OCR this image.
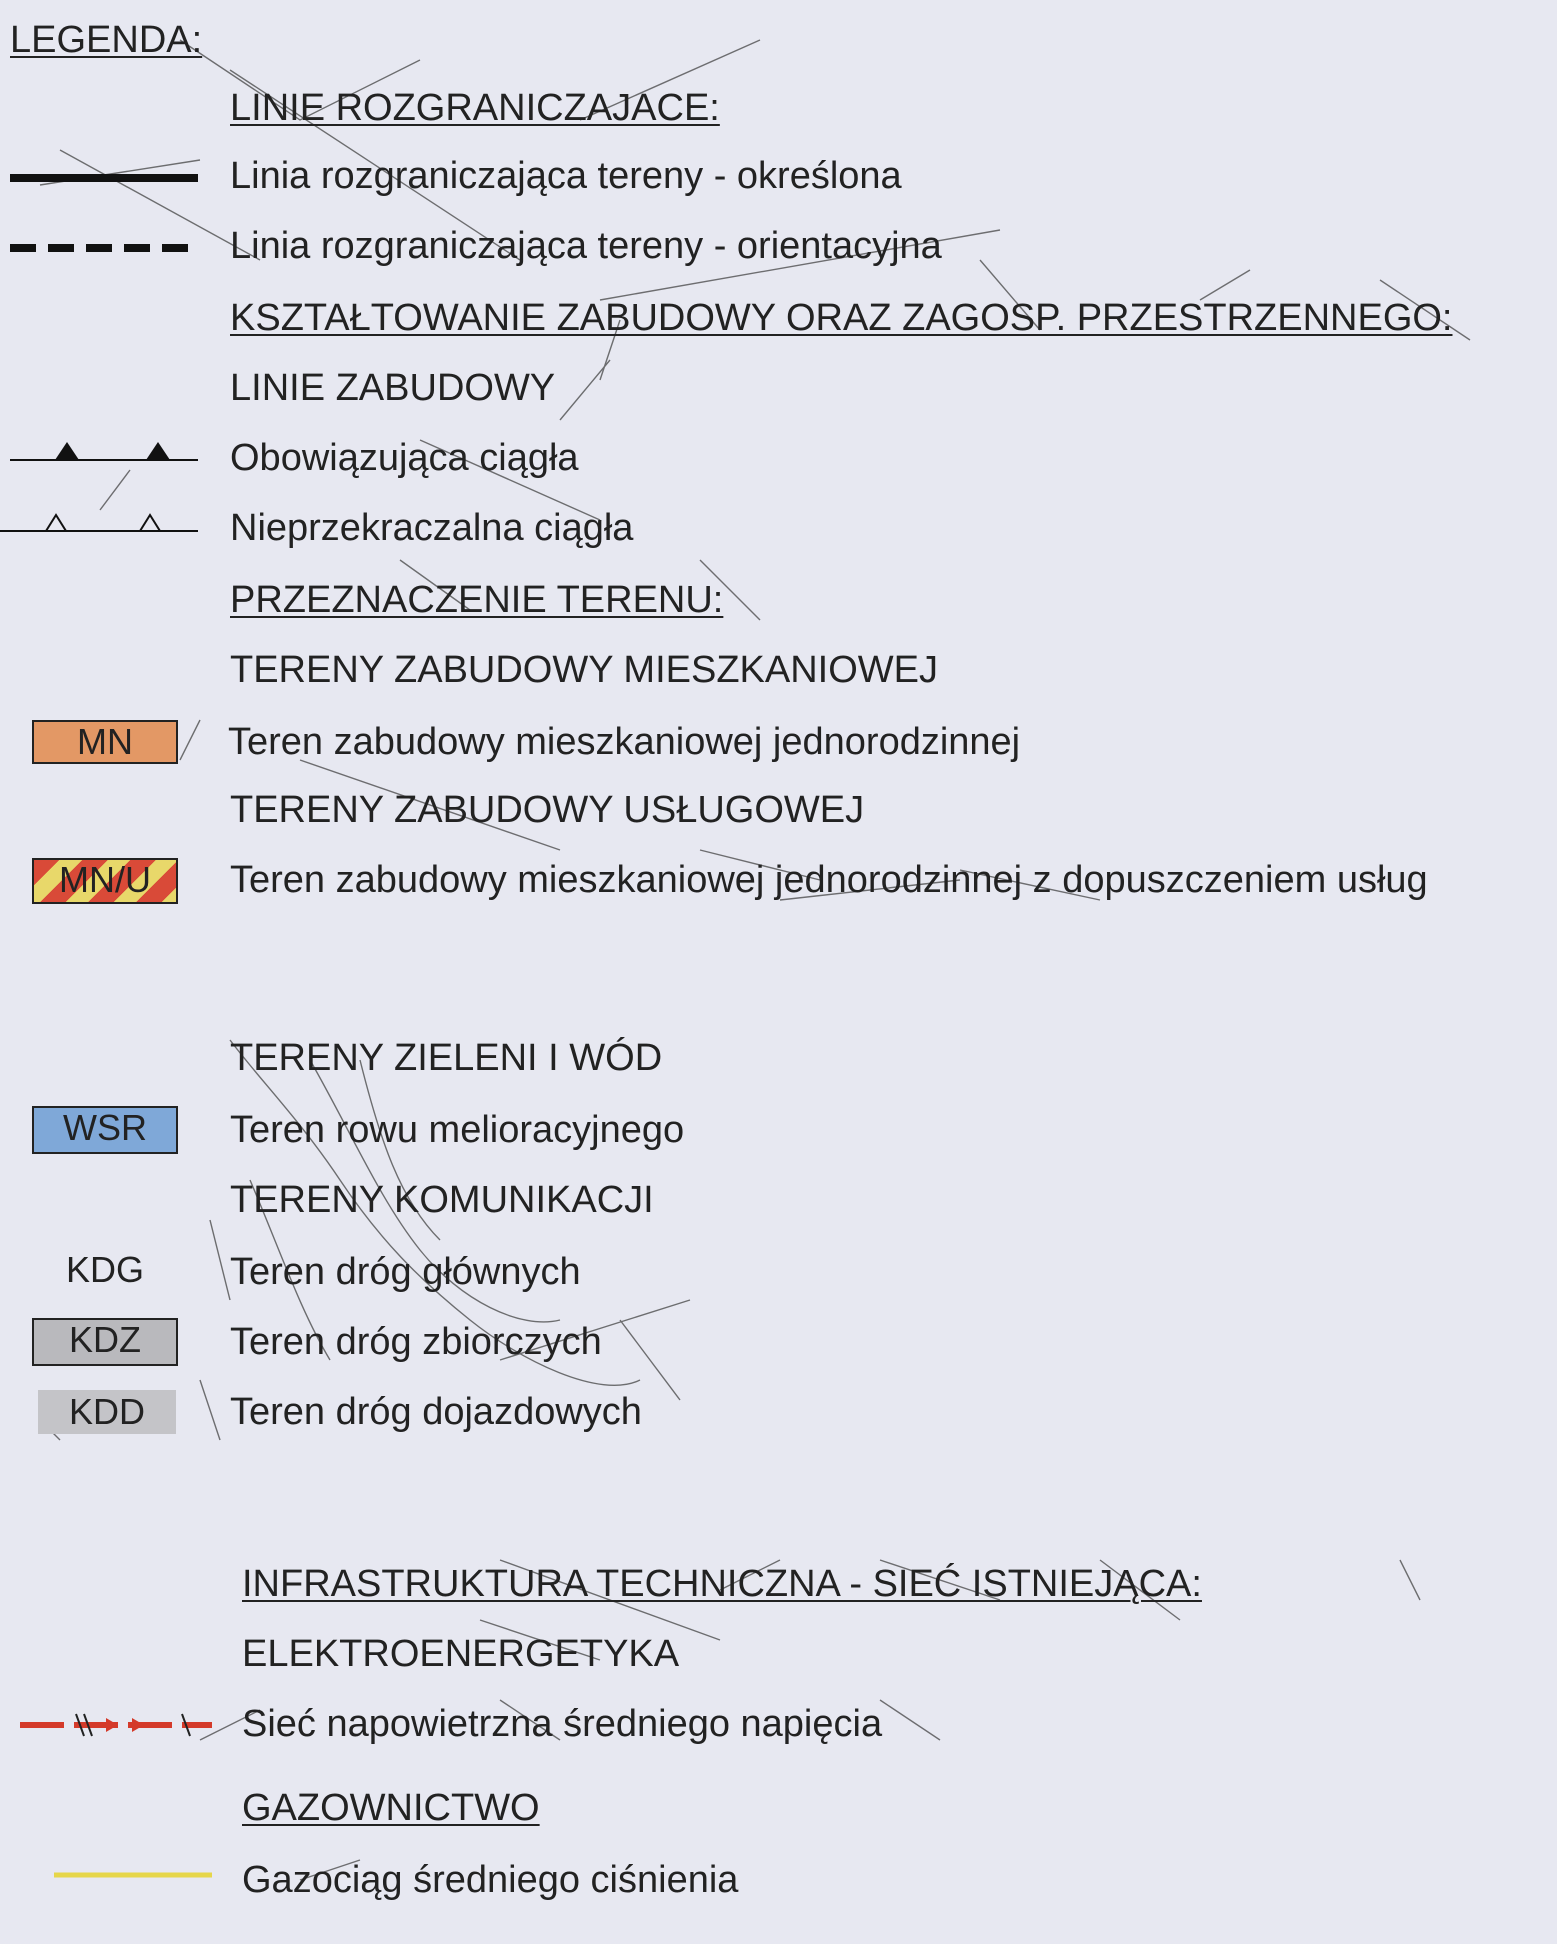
LEGENDA:
LINIE ROZGRANICZAJACE:
Linia rozgraniczająca tereny - określona
Linia rozgraniczająca tereny - orientacyjna
KSZTAŁTOWANIE ZABUDOWY ORAZ ZAGOSP. PRZESTRZENNEGO:
LINIE ZABUDOWY
Obowiązująca ciągła
Nieprzekraczalna ciągła
PRZEZNACZENIE TERENU:
TERENY ZABUDOWY MIESZKANIOWEJ
MN	Teren zabudowy mieszkaniowej jednorodzinnej
TERENY ZABUDOWY USŁUGOWEJ
MN/U	Teren zabudowy mieszkaniowej jednorodzinnej z dopuszczeniem usług
TERENY ZIELENI I WÓD
WSR	Teren rowu melioracyjnego
TERENY KOMUNIKACJI
KDG	Teren dróg głównych
KDZ	Teren dróg zbiorczych
KDD	Teren dróg dojazdowych
INFRASTRUKTURA TECHNICZNA - SIEĆ ISTNIEJĄCA:
ELEKTROENERGETYKA
Sieć napowietrzna średniego napięcia
GAZOWNICTWO
Gazociąg średniego ciśnienia
